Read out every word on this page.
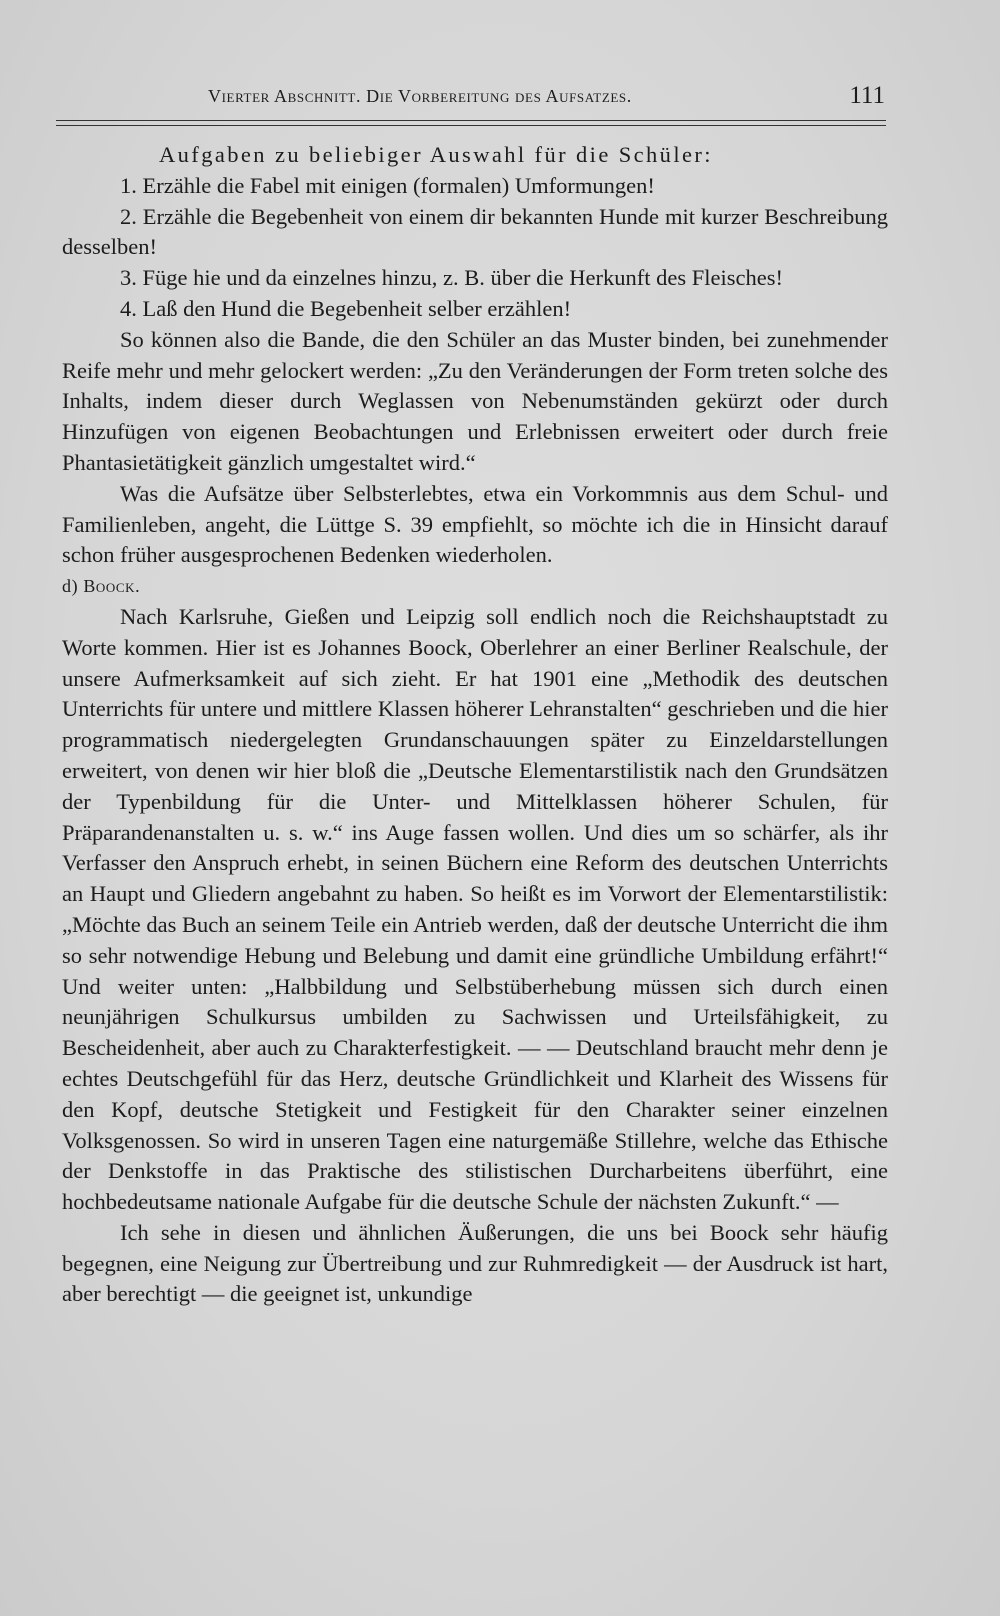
Vierter Abschnitt. Die Vorbereitung des Aufsatzes.	111

Aufgaben zu beliebiger Auswahl für die Schüler:

1. Erzähle die Fabel mit einigen (formalen) Umformungen!

2. Erzähle die Begebenheit von einem dir bekannten Hunde mit kurzer Beschreibung desselben!

3. Füge hie und da einzelnes hinzu, z. B. über die Herkunft des Fleisches!

4. Laß den Hund die Begebenheit selber erzählen!

So können also die Bande, die den Schüler an das Muster binden, bei zunehmender Reife mehr und mehr gelockert werden: „Zu den Veränderungen der Form treten solche des Inhalts, indem dieser durch Weglassen von Nebenumständen gekürzt oder durch Hinzufügen von eigenen Beobachtungen und Erlebnissen erweitert oder durch freie Phantasietätigkeit gänzlich umgestaltet wird.“

Was die Aufsätze über Selbsterlebtes, etwa ein Vorkommnis aus dem Schul- und Familienleben, angeht, die Lüttge S. 39 empfiehlt, so möchte ich die in Hinsicht darauf schon früher ausgesprochenen Bedenken wiederholen.

d) Boock.

Nach Karlsruhe, Gießen und Leipzig soll endlich noch die Reichshauptstadt zu Worte kommen. Hier ist es Johannes Boock, Oberlehrer an einer Berliner Realschule, der unsere Aufmerksamkeit auf sich zieht. Er hat 1901 eine „Methodik des deutschen Unterrichts für untere und mittlere Klassen höherer Lehranstalten“ geschrieben und die hier programmatisch niedergelegten Grundanschauungen später zu Einzeldarstellungen erweitert, von denen wir hier bloß die „Deutsche Elementarstilistik nach den Grundsätzen der Typenbildung für die Unter- und Mittelklassen höherer Schulen, für Präparandenanstalten u. s. w.“ ins Auge fassen wollen. Und dies um so schärfer, als ihr Verfasser den Anspruch erhebt, in seinen Büchern eine Reform des deutschen Unterrichts an Haupt und Gliedern angebahnt zu haben. So heißt es im Vorwort der Elementarstilistik: „Möchte das Buch an seinem Teile ein Antrieb werden, daß der deutsche Unterricht die ihm so sehr notwendige Hebung und Belebung und damit eine gründliche Umbildung erfährt!“ Und weiter unten: „Halbbildung und Selbstüberhebung müssen sich durch einen neunjährigen Schulkursus umbilden zu Sachwissen und Urteilsfähigkeit, zu Bescheidenheit, aber auch zu Charakterfestigkeit. — — Deutschland braucht mehr denn je echtes Deutschgefühl für das Herz, deutsche Gründlichkeit und Klarheit des Wissens für den Kopf, deutsche Stetigkeit und Festigkeit für den Charakter seiner einzelnen Volksgenossen. So wird in unseren Tagen eine naturgemäße Stillehre, welche das Ethische der Denkstoffe in das Praktische des stilistischen Durcharbeitens überführt, eine hochbedeutsame nationale Aufgabe für die deutsche Schule der nächsten Zukunft.“ —

Ich sehe in diesen und ähnlichen Äußerungen, die uns bei Boock sehr häufig begegnen, eine Neigung zur Übertreibung und zur Ruhmredigkeit — der Ausdruck ist hart, aber berechtigt — die geeignet ist, unkundige
